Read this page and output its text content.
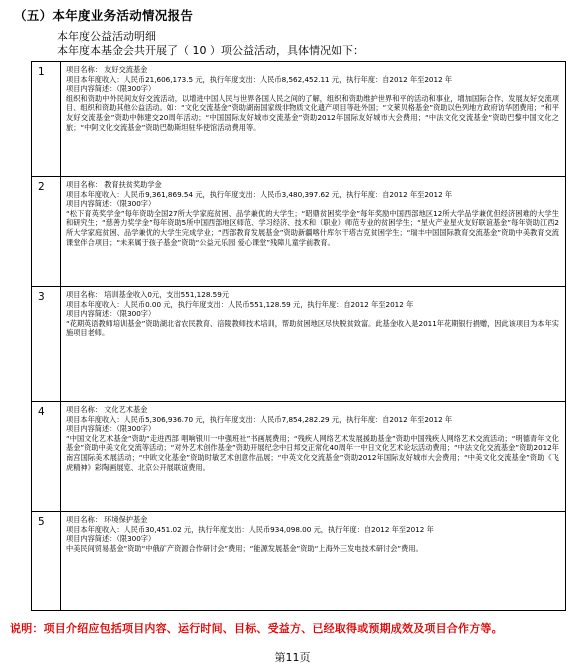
（五）本年度业务活动情况报告
本年度公益活动明细
本年度本基金会共开展了（ 10 ）项公益活动，具体情况如下：
1	项目名称： 友好交流基金
项目本年度收入：人民币21,606,173.5 元，执行年度支出：人民币8,562,452.11 元，执行年度：自2012 年至2012 年
项目内容简述：（限300字）
组织和资助中外民间友好交流活动，以增进中国人民与世界各国人民之间的了解，组织和资助维护世界和平的活动和事业，增加国际合作、发展友好交流项目、组织和资助其他公益活动。如：“文化交流基金”资助湖南国家级非物质文化遗产项目等赴外国；“文莱贝格基金”资助以色列地方政府访华团费用；“和平友好交流基金”资助中韩建交20周年活动；“中国国际友好城市交流基金”资助2012年国际友好城市大会费用；“中法文化交流基金”资助巴黎中国文化之旅；“中阿文化交流基金”资助巴勒斯坦驻华使馆活动费用等。
2	项目名称： 教育扶贫奖助学金
项目本年度收入：人民币9,361,869.54 元，执行年度支出：人民币3,480,397.62 元，执行年度：自2012 年至2012 年
项目内容简述：（限300字）
“松下育英奖学金”每年资助全国27所大学家庭贫困、品学兼优的大学生；“昭鼎贫困奖学金”每年奖励中国西部地区12所大学品学兼优但经济困难的大学生和研究生；“慈善力奖学金”每年资助5所中国西部地区师范、学习经济、技术和（职业）师范专业的贫困学生；“星火产业星火友好联谊基金”每年资助江西2所大学家庭贫困、品学兼优的大学生完成学业；“西部教育发展基金”资助新疆喀什库尔干塔吉克贫困学生；“瑞丰中国国际教育交流基金”资助中美教育交流课堂伴合项目；“未来属于孩子基金”资助“公益元乐园 爱心课堂”残障儿童学前教育。
3	项目名称： 培训基金收入0元，支出551,128.59元
项目本年度收入：人民币0.00 元，执行年度支出：人民币551,128.59 元，执行年度：自2012 年至2012 年
项目内容简述：（限300字）
“花期英语教师培训基金”资助湖北省农民教育、涪陵教师技术培训，帮助贫困地区尽快脱贫致富。此基金收入是2011年花期银行捐赠，因此该项目为本年实施项目老师。
4	项目名称： 文化艺术基金
项目本年度收入：人民币5,306,936.70 元，执行年度支出：人民币7,854,282.29 元，执行年度：自2012 年至2012 年
项目内容简述：（限300字）
“中国文化艺术基金”资助“走进西部 唱响银川一中强班社”书画展费用；“残疾人网络艺术发展援助基金”资助中国残疾人网络艺术交流活动；“明德青年文化基金”资助中美文化交流等活动；“对外艺术创作基金”资助开展纪念中日邦交正常化40周年一中日文化艺术论坛活动费用；“中法文化交流基金”资助2012年南宫国际美术展活动；“中欧文化基金”资助时敏艺术创意作品展；“中英文化交流基金”资助2012年国际友好城市大会费用；“中美文化交流基金”资助《飞虎精神》彩陶画展览、北京公开展联谊费用。
5	项目名称： 环境保护基金
项目本年度收入：人民币30,451.02 元，执行年度支出：人民币934,098.00 元，执行年度：自2012 年至2012 年
项目内容简述：（限300字）
中美民间贸易基金”资助“中俄矿产资源合作研讨会”费用；“能源发展基金”资助“上海外三发电技术研讨会”费用。
说明：项目介绍应包括项目内容、运行时间、目标、受益方、已经取得或预期成效及项目合作方等。
第11页
